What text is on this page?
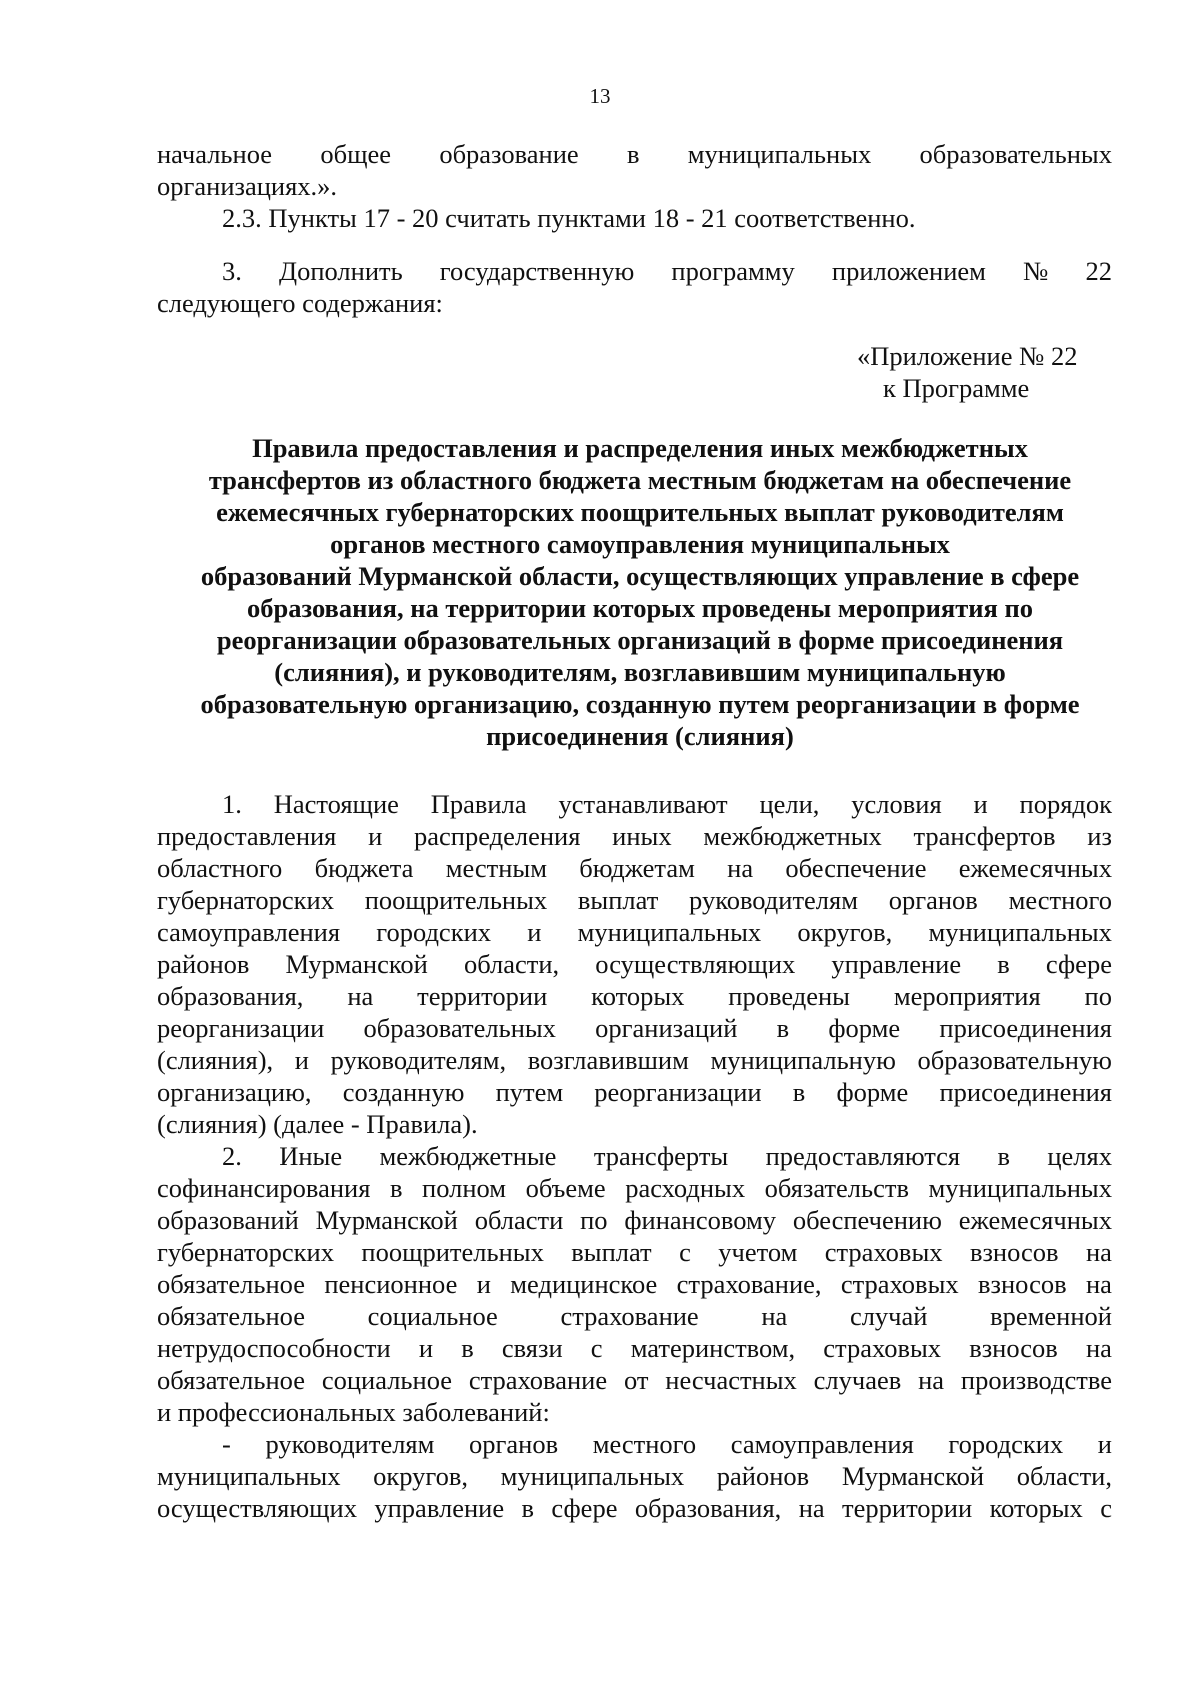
13
начальное общее образование в муниципальных образовательных
организациях.».
2.3. Пункты 17 - 20 считать пунктами 18 - 21 соответственно.
3. Дополнить государственную программу приложением № 22
следующего содержания:
«Приложение № 22
к Программе
Правила предоставления и распределения иных межбюджетных
трансфертов из областного бюджета местным бюджетам на обеспечение
ежемесячных губернаторских поощрительных выплат руководителям
органов местного самоуправления муниципальных
образований Мурманской области, осуществляющих управление в сфере
образования, на территории которых проведены мероприятия по
реорганизации образовательных организаций в форме присоединения
(слияния), и руководителям, возглавившим муниципальную
образовательную организацию, созданную путем реорганизации в форме
присоединения (слияния)
1. Настоящие Правила устанавливают цели, условия и порядок
предоставления и распределения иных межбюджетных трансфертов из
областного бюджета местным бюджетам на обеспечение ежемесячных
губернаторских поощрительных выплат руководителям органов местного
самоуправления городских и муниципальных округов, муниципальных
районов Мурманской области, осуществляющих управление в сфере
образования, на территории которых проведены мероприятия по
реорганизации образовательных организаций в форме присоединения
(слияния), и руководителям, возглавившим муниципальную образовательную
организацию, созданную путем реорганизации в форме присоединения
(слияния) (далее - Правила).
2. Иные межбюджетные трансферты предоставляются в целях
софинансирования в полном объеме расходных обязательств муниципальных
образований Мурманской области по финансовому обеспечению ежемесячных
губернаторских поощрительных выплат с учетом страховых взносов на
обязательное пенсионное и медицинское страхование, страховых взносов на
обязательное социальное страхование на случай временной
нетрудоспособности и в связи с материнством, страховых взносов на
обязательное социальное страхование от несчастных случаев на производстве
и профессиональных заболеваний:
- руководителям органов местного самоуправления городских и
муниципальных округов, муниципальных районов Мурманской области,
осуществляющих управление в сфере образования, на территории которых с
